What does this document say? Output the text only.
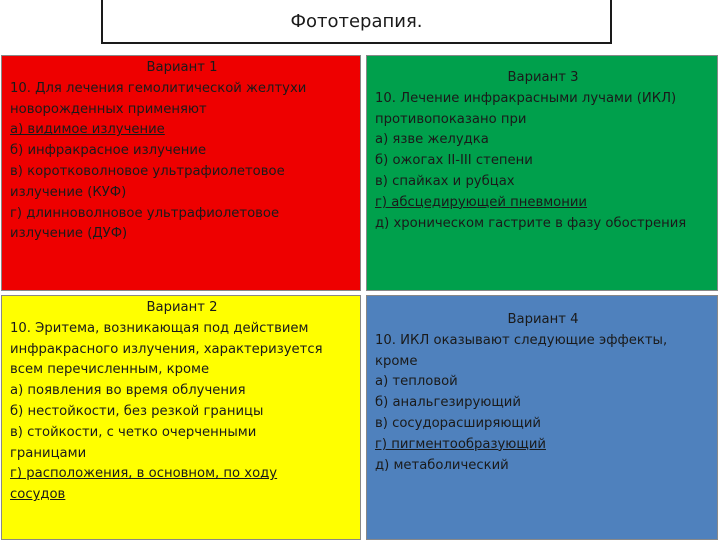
Фототерапия.
Вариант 1
10. Для лечения гемолитической желтухи
новорожденных применяют
а) видимое излучение
б) инфракрасное излучение
в) коротковолновое ультрафиолетовое
излучение (КУФ)
г) длинноволновое ультрафиолетовое
излучение (ДУФ)
Вариант 3
10. Лечение инфракрасными лучами (ИКЛ)
противопоказано при
а) язве желудка
б) ожогах II-III степени
в) спайках и рубцах
г) абсцедирующей пневмонии
д) хроническом гастрите в фазу обострения
Вариант 2
10. Эритема, возникающая под действием
инфракрасного излучения, характеризуется
всем перечисленным, кроме
а) появления во время облучения
б) нестойкости, без резкой границы
в) стойкости, с четко очерченными
границами
г) расположения, в основном, по ходу
сосудов
Вариант 4
10. ИКЛ оказывают следующие эффекты,
кроме
а) тепловой
б) анальгезирующий
в) сосудорасширяющий
г) пигментообразующий
д) метаболический
